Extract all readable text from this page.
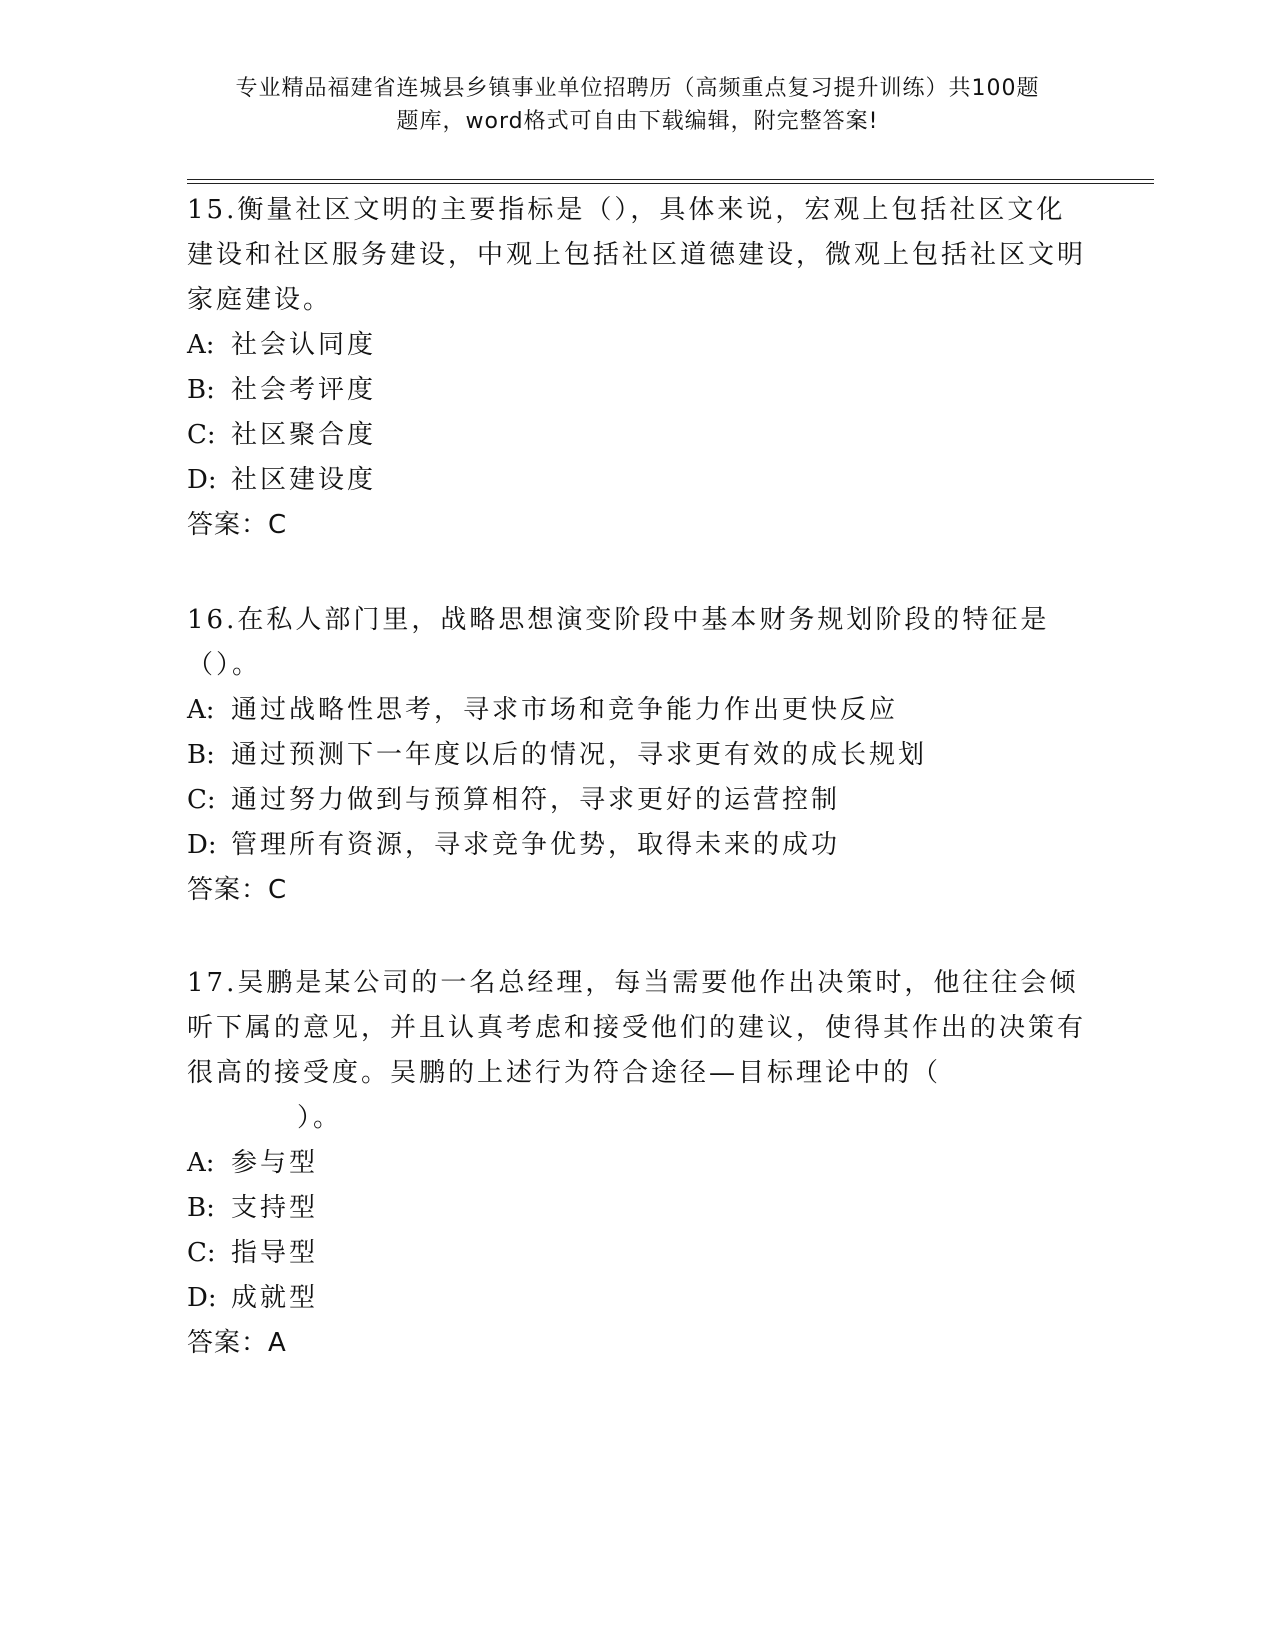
专业精品福建省连城县乡镇事业单位招聘历（高频重点复习提升训练）共100题
题库，word格式可自由下载编辑，附完整答案!

15.衡量社区文明的主要指标是（），具体来说，宏观上包括社区文化建设和社区服务建设，中观上包括社区道德建设，微观上包括社区文明家庭建设。

A: 社会认同度

B: 社会考评度

C: 社区聚合度

D: 社区建设度

答案：C

16.在私人部门里，战略思想演变阶段中基本财务规划阶段的特征是（）。

A: 通过战略性思考，寻求市场和竞争能力作出更快反应

B: 通过预测下一年度以后的情况，寻求更有效的成长规划

C: 通过努力做到与预算相符，寻求更好的运营控制

D: 管理所有资源，寻求竞争优势，取得未来的成功

答案：C

17.吴鹏是某公司的一名总经理，每当需要他作出决策时，他往往会倾听下属的意见，并且认真考虑和接受他们的建议，使得其作出的决策有很高的接受度。吴鹏的上述行为符合途径—目标理论中的（

）。

A: 参与型

B: 支持型

C: 指导型

D: 成就型

答案：A
